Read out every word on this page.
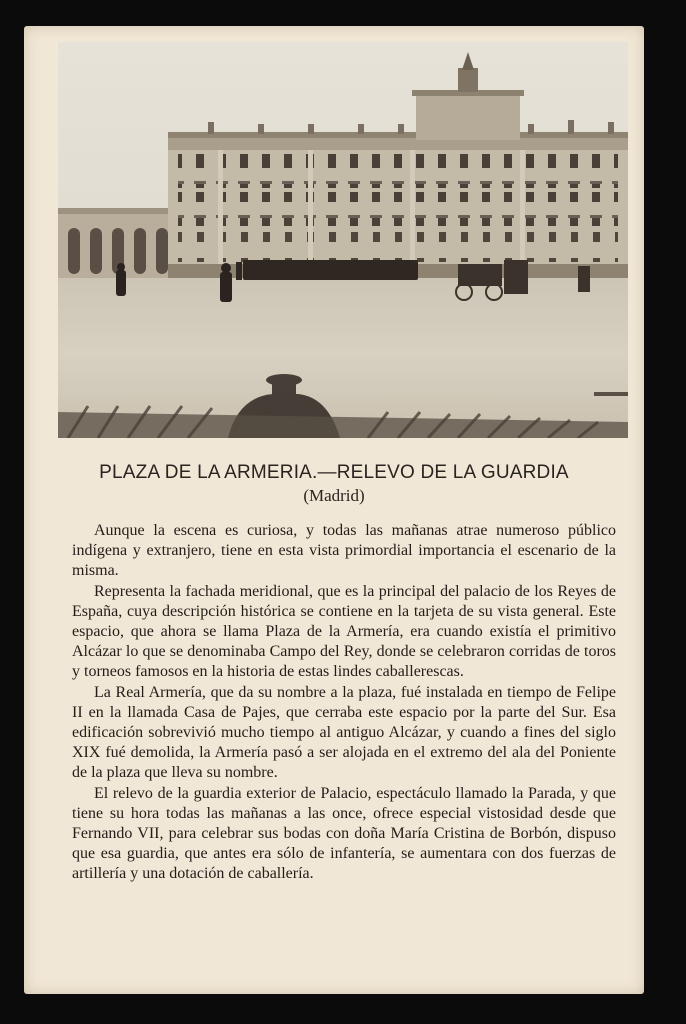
PLAZA DE LA ARMERIA.—RELEVO DE LA GUARDIA
(Madrid)

Aunque la escena es curiosa, y todas las mañanas atrae numeroso público indígena y extranjero, tiene en esta vista primordial importancia el escenario de la misma.

Representa la fachada meridional, que es la principal del palacio de los Reyes de España, cuya descripción histórica se contiene en la tarjeta de su vista general. Este espacio, que ahora se llama Plaza de la Armería, era cuando existía el primitivo Alcázar lo que se denominaba Campo del Rey, donde se celebraron corridas de toros y torneos famosos en la historia de estas lindes caballerescas.

La Real Armería, que da su nombre a la plaza, fué instalada en tiempo de Felipe II en la llamada Casa de Pajes, que cerraba este espacio por la parte del Sur. Esa edificación sobrevivió mucho tiempo al antiguo Alcázar, y cuando a fines del siglo XIX fué demolida, la Armería pasó a ser alojada en el extremo del ala del Poniente de la plaza que lleva su nombre.

El relevo de la guardia exterior de Palacio, espectáculo llamado la Parada, y que tiene su hora todas las mañanas a las once, ofrece especial vistosidad desde que Fernando VII, para celebrar sus bodas con doña María Cristina de Borbón, dispuso que esa guardia, que antes era sólo de infantería, se aumentara con dos fuerzas de artillería y una dotación de caballería.
